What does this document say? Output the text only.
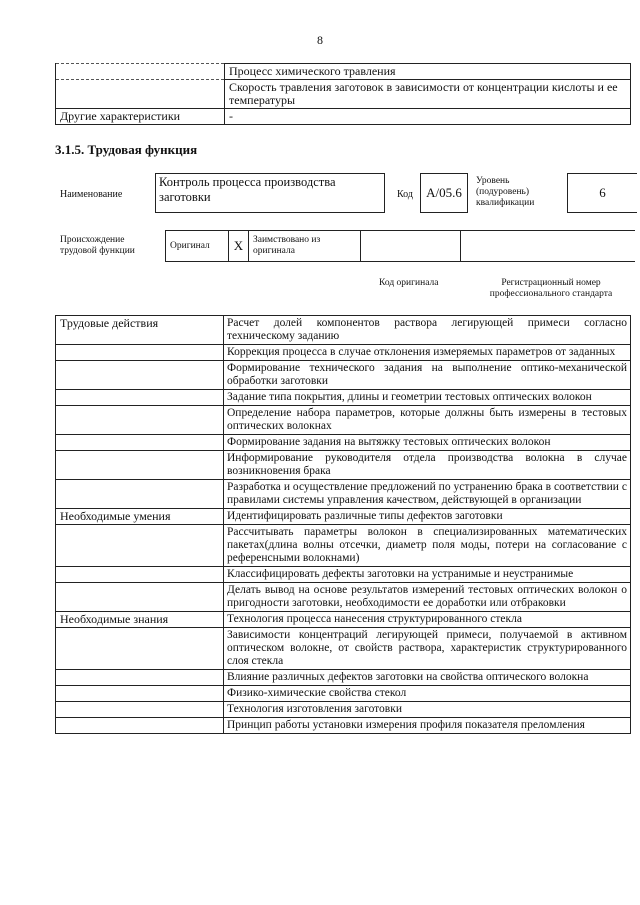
8
	Процесс химического травления
	Скорость травления заготовок в зависимости от концентрации кислоты и ее температуры
Другие характеристики	-
3.1.5. Трудовая функция
Наименование
Контроль процесса производства заготовки	Код	A/05.6
Уровень (подуровень) квалификации
6
Происхождение трудовой функции
Оригинал	X	Заимствовано из оригинала
Код оригинала	Регистрационный номер профессионального стандарта
Трудовые действия	Расчет долей компонентов раствора легирующей примеси согласно техническому заданию
	Коррекция процесса в случае отклонения измеряемых параметров от заданных
	Формирование технического задания на выполнение оптико-механической обработки заготовки
	Задание типа покрытия, длины и геометрии тестовых оптических волокон
	Определение набора параметров, которые должны быть измерены в тестовых оптических волокнах
	Формирование задания на вытяжку тестовых оптических волокон
	Информирование руководителя отдела производства волокна в случае возникновения брака
	Разработка и осуществление предложений по устранению брака в соответствии с правилами системы управления качеством, действующей в организации
Необходимые умения	Идентифицировать различные типы дефектов заготовки
	Рассчитывать параметры волокон в специализированных математических пакетах(длина волны отсечки, диаметр поля моды, потери на согласование с референсными волокнами)
	Классифицировать дефекты заготовки на устранимые и неустранимые
	Делать вывод на основе результатов измерений тестовых оптических волокон о пригодности заготовки, необходимости ее доработки или отбраковки
Необходимые знания	Технология процесса нанесения структурированного стекла
	Зависимости концентраций легирующей примеси, получаемой в активном оптическом волокне, от свойств раствора, характеристик структурированного слоя стекла
	Влияние различных дефектов заготовки на свойства оптического волокна
	Физико-химические свойства стекол
	Технология изготовления заготовки
	Принцип работы установки измерения профиля показателя преломления
